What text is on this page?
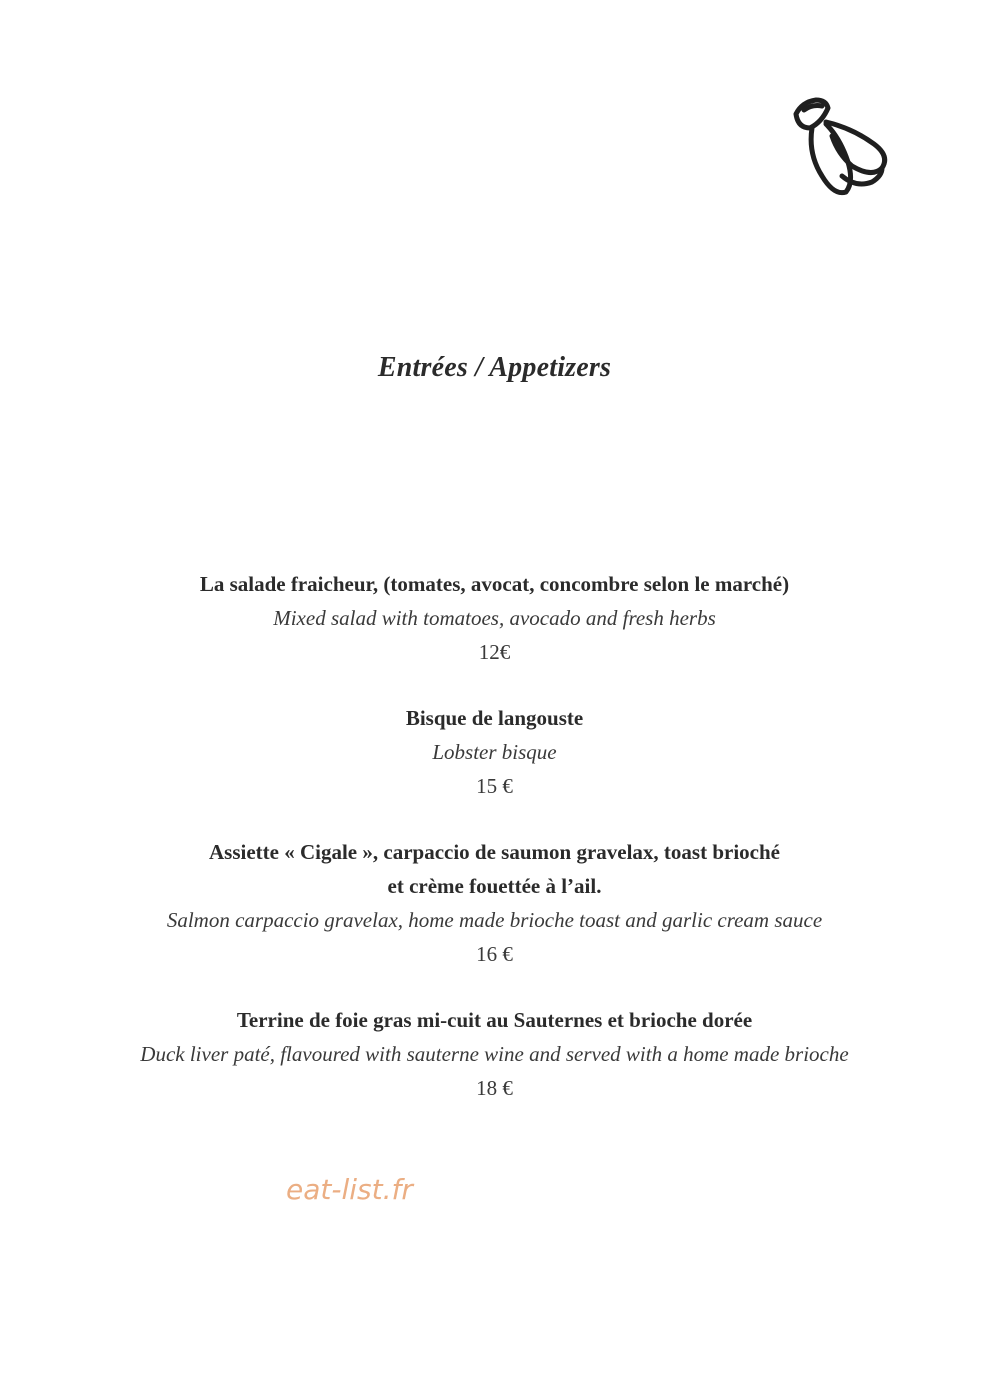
Entrées / Appetizers
La salade fraicheur, (tomates, avocat, concombre selon le marché)
Mixed salad with tomatoes, avocado and fresh herbs
12€
Bisque de langouste
Lobster bisque
15 €
Assiette « Cigale », carpaccio de saumon gravelax, toast brioché
et crème fouettée à l’ail.
Salmon carpaccio gravelax, home made brioche toast and garlic cream sauce
16 €
Terrine de foie gras mi-cuit au Sauternes et brioche dorée
Duck liver paté, flavoured with sauterne wine and served with a home made brioche
18 €
eat-list.fr
